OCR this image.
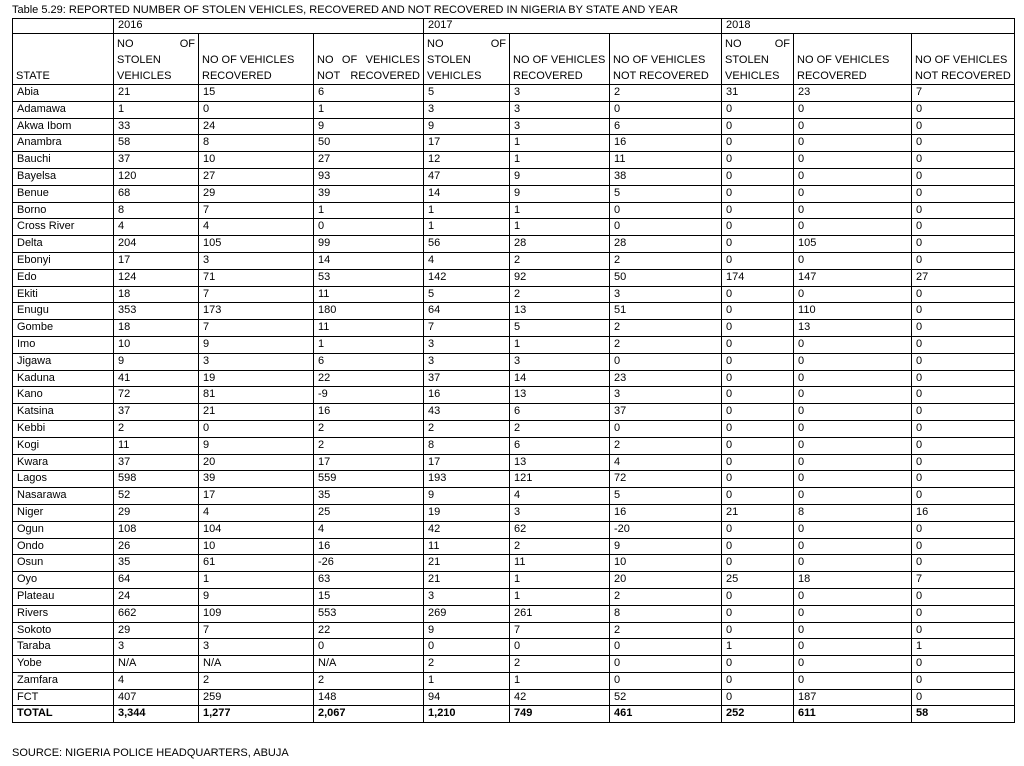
Table 5.29: REPORTED NUMBER OF STOLEN VEHICLES, RECOVERED AND NOT RECOVERED IN NIGERIA BY STATE AND YEAR
	2016			2017			2018		
STATE	NO OF STOLEN VEHICLES	NO OF VEHICLES RECOVERED	NO OF VEHICLES NOT RECOVERED	NO OF STOLEN VEHICLES	NO OF VEHICLES RECOVERED	NO OF VEHICLES NOT RECOVERED	NO OF STOLEN VEHICLES	NO OF VEHICLES RECOVERED	NO OF VEHICLES NOT RECOVERED
Abia	21	15	6	5	3	2	31	23	7
Adamawa	1	0	1	3	3	0	0	0	0
Akwa Ibom	33	24	9	9	3	6	0	0	0
Anambra	58	8	50	17	1	16	0	0	0
Bauchi	37	10	27	12	1	11	0	0	0
Bayelsa	120	27	93	47	9	38	0	0	0
Benue	68	29	39	14	9	5	0	0	0
Borno	8	7	1	1	1	0	0	0	0
Cross River	4	4	0	1	1	0	0	0	0
Delta	204	105	99	56	28	28	0	105	0
Ebonyi	17	3	14	4	2	2	0	0	0
Edo	124	71	53	142	92	50	174	147	27
Ekiti	18	7	11	5	2	3	0	0	0
Enugu	353	173	180	64	13	51	0	110	0
Gombe	18	7	11	7	5	2	0	13	0
Imo	10	9	1	3	1	2	0	0	0
Jigawa	9	3	6	3	3	0	0	0	0
Kaduna	41	19	22	37	14	23	0	0	0
Kano	72	81	-9	16	13	3	0	0	0
Katsina	37	21	16	43	6	37	0	0	0
Kebbi	2	0	2	2	2	0	0	0	0
Kogi	11	9	2	8	6	2	0	0	0
Kwara	37	20	17	17	13	4	0	0	0
Lagos	598	39	559	193	121	72	0	0	0
Nasarawa	52	17	35	9	4	5	0	0	0
Niger	29	4	25	19	3	16	21	8	16
Ogun	108	104	4	42	62	-20	0	0	0
Ondo	26	10	16	11	2	9	0	0	0
Osun	35	61	-26	21	11	10	0	0	0
Oyo	64	1	63	21	1	20	25	18	7
Plateau	24	9	15	3	1	2	0	0	0
Rivers	662	109	553	269	261	8	0	0	0
Sokoto	29	7	22	9	7	2	0	0	0
Taraba	3	3	0	0	0	0	1	0	1
Yobe	N/A	N/A	N/A	2	2	0	0	0	0
Zamfara	4	2	2	1	1	0	0	0	0
FCT	407	259	148	94	42	52	0	187	0
TOTAL	3,344	1,277	2,067	1,210	749	461	252	611	58
SOURCE: NIGERIA POLICE HEADQUARTERS, ABUJA
